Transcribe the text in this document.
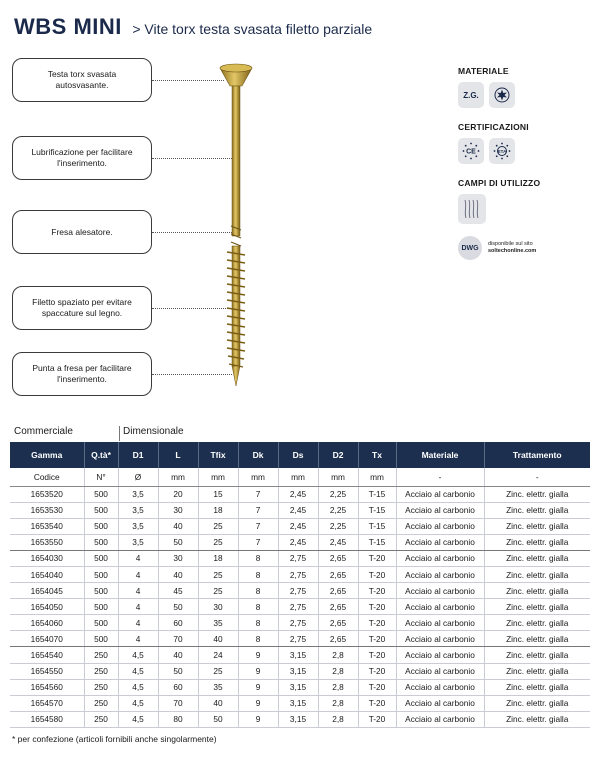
WBS MINI > Vite torx testa svasata filetto parziale
Testa torx svasata autosvasante.
Lubrificazione per facilitare l'inserimento.
Fresa alesatore.
Filetto spaziato per evitare spaccature sul legno.
Punta a fresa per facilitare l'inserimento.
MATERIALE
Z.G.
CERTIFICAZIONI
CE	ETA
CAMPI DI UTILIZZO
DWG
disponibile sul sito
soltechonline.com
Commerciale	Dimensionale
Gamma	Q.tà*	D1	L	Tfix	Dk	Ds	D2	Tx	Materiale	Trattamento
Codice	N°	Ø	mm	mm	mm	mm	mm	mm	-	-
1653520	500	3,5	20	15	7	2,45	2,25	T-15	Acciaio al carbonio	Zinc. elettr. gialla
1653530	500	3,5	30	18	7	2,45	2,25	T-15	Acciaio al carbonio	Zinc. elettr. gialla
1653540	500	3,5	40	25	7	2,45	2,25	T-15	Acciaio al carbonio	Zinc. elettr. gialla
1653550	500	3,5	50	25	7	2,45	2,45	T-15	Acciaio al carbonio	Zinc. elettr. gialla
1654030	500	4	30	18	8	2,75	2,65	T-20	Acciaio al carbonio	Zinc. elettr. gialla
1654040	500	4	40	25	8	2,75	2,65	T-20	Acciaio al carbonio	Zinc. elettr. gialla
1654045	500	4	45	25	8	2,75	2,65	T-20	Acciaio al carbonio	Zinc. elettr. gialla
1654050	500	4	50	30	8	2,75	2,65	T-20	Acciaio al carbonio	Zinc. elettr. gialla
1654060	500	4	60	35	8	2,75	2,65	T-20	Acciaio al carbonio	Zinc. elettr. gialla
1654070	500	4	70	40	8	2,75	2,65	T-20	Acciaio al carbonio	Zinc. elettr. gialla
1654540	250	4,5	40	24	9	3,15	2,8	T-20	Acciaio al carbonio	Zinc. elettr. gialla
1654550	250	4,5	50	25	9	3,15	2,8	T-20	Acciaio al carbonio	Zinc. elettr. gialla
1654560	250	4,5	60	35	9	3,15	2,8	T-20	Acciaio al carbonio	Zinc. elettr. gialla
1654570	250	4,5	70	40	9	3,15	2,8	T-20	Acciaio al carbonio	Zinc. elettr. gialla
1654580	250	4,5	80	50	9	3,15	2,8	T-20	Acciaio al carbonio	Zinc. elettr. gialla
* per confezione (articoli fornibili anche singolarmente)
